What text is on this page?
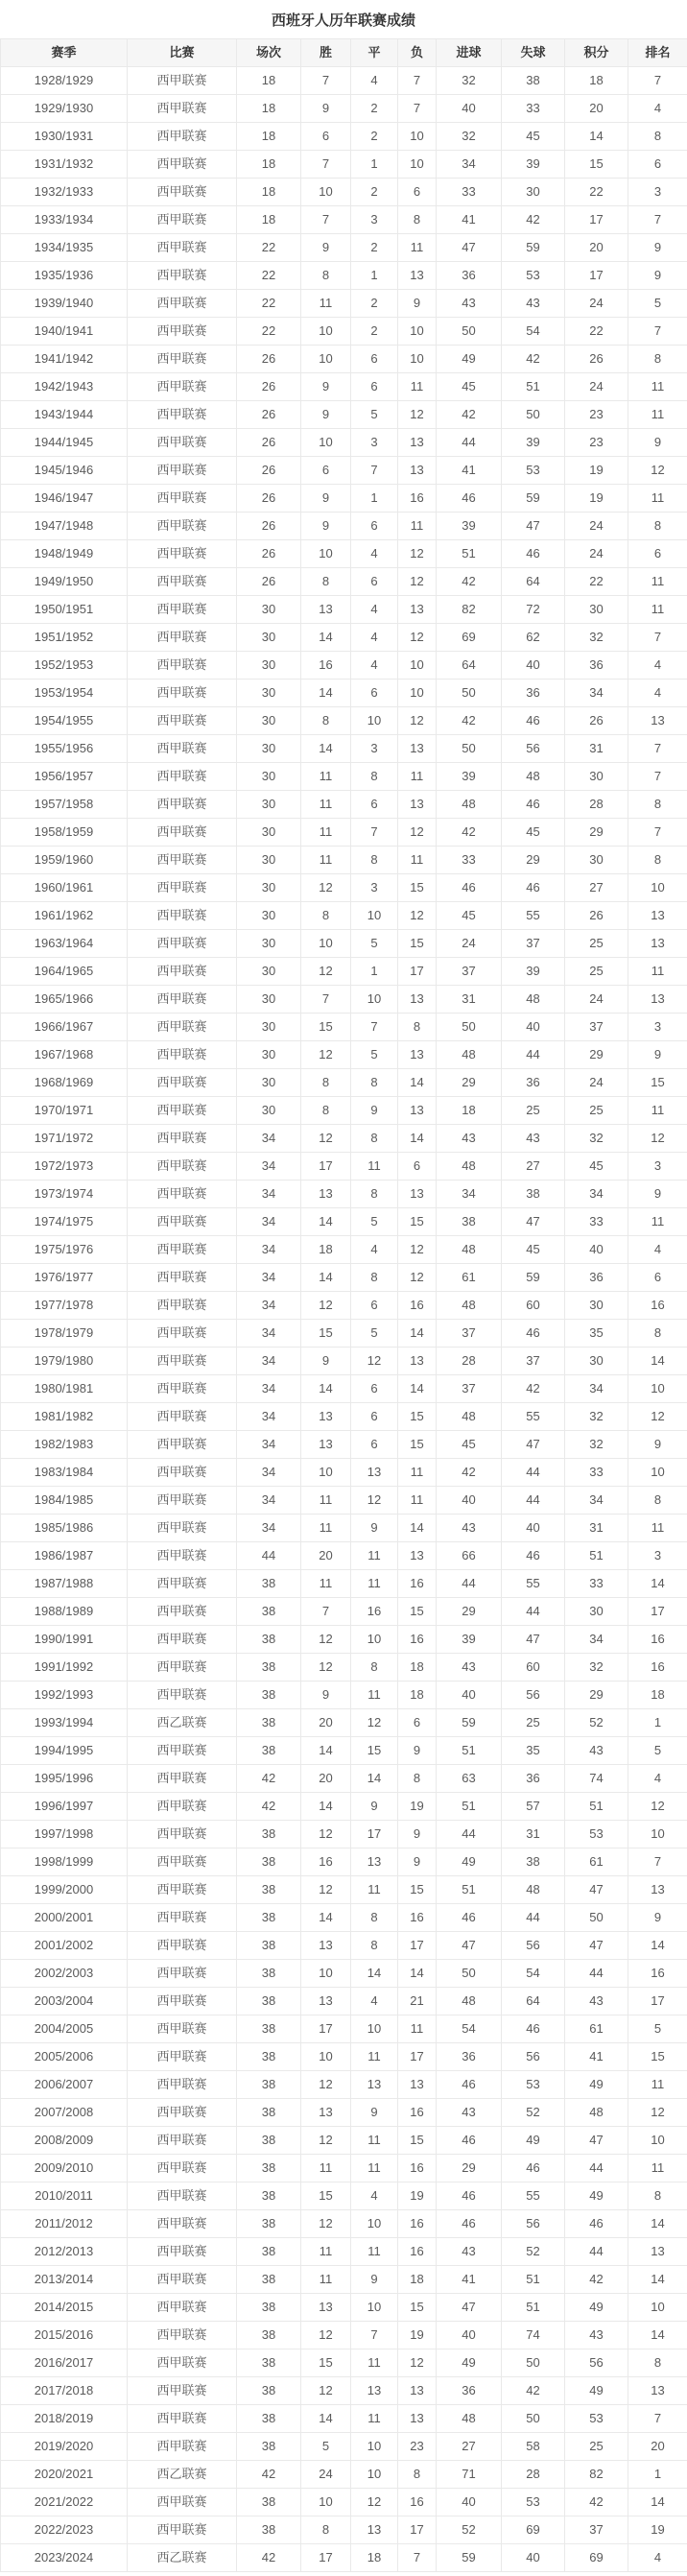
西班牙人历年联赛成绩
赛季	比赛	场次	胜	平	负	进球	失球	积分	排名
1928/1929	西甲联赛	18	7	4	7	32	38	18	7
1929/1930	西甲联赛	18	9	2	7	40	33	20	4
1930/1931	西甲联赛	18	6	2	10	32	45	14	8
1931/1932	西甲联赛	18	7	1	10	34	39	15	6
1932/1933	西甲联赛	18	10	2	6	33	30	22	3
1933/1934	西甲联赛	18	7	3	8	41	42	17	7
1934/1935	西甲联赛	22	9	2	11	47	59	20	9
1935/1936	西甲联赛	22	8	1	13	36	53	17	9
1939/1940	西甲联赛	22	11	2	9	43	43	24	5
1940/1941	西甲联赛	22	10	2	10	50	54	22	7
1941/1942	西甲联赛	26	10	6	10	49	42	26	8
1942/1943	西甲联赛	26	9	6	11	45	51	24	11
1943/1944	西甲联赛	26	9	5	12	42	50	23	11
1944/1945	西甲联赛	26	10	3	13	44	39	23	9
1945/1946	西甲联赛	26	6	7	13	41	53	19	12
1946/1947	西甲联赛	26	9	1	16	46	59	19	11
1947/1948	西甲联赛	26	9	6	11	39	47	24	8
1948/1949	西甲联赛	26	10	4	12	51	46	24	6
1949/1950	西甲联赛	26	8	6	12	42	64	22	11
1950/1951	西甲联赛	30	13	4	13	82	72	30	11
1951/1952	西甲联赛	30	14	4	12	69	62	32	7
1952/1953	西甲联赛	30	16	4	10	64	40	36	4
1953/1954	西甲联赛	30	14	6	10	50	36	34	4
1954/1955	西甲联赛	30	8	10	12	42	46	26	13
1955/1956	西甲联赛	30	14	3	13	50	56	31	7
1956/1957	西甲联赛	30	11	8	11	39	48	30	7
1957/1958	西甲联赛	30	11	6	13	48	46	28	8
1958/1959	西甲联赛	30	11	7	12	42	45	29	7
1959/1960	西甲联赛	30	11	8	11	33	29	30	8
1960/1961	西甲联赛	30	12	3	15	46	46	27	10
1961/1962	西甲联赛	30	8	10	12	45	55	26	13
1963/1964	西甲联赛	30	10	5	15	24	37	25	13
1964/1965	西甲联赛	30	12	1	17	37	39	25	11
1965/1966	西甲联赛	30	7	10	13	31	48	24	13
1966/1967	西甲联赛	30	15	7	8	50	40	37	3
1967/1968	西甲联赛	30	12	5	13	48	44	29	9
1968/1969	西甲联赛	30	8	8	14	29	36	24	15
1970/1971	西甲联赛	30	8	9	13	18	25	25	11
1971/1972	西甲联赛	34	12	8	14	43	43	32	12
1972/1973	西甲联赛	34	17	11	6	48	27	45	3
1973/1974	西甲联赛	34	13	8	13	34	38	34	9
1974/1975	西甲联赛	34	14	5	15	38	47	33	11
1975/1976	西甲联赛	34	18	4	12	48	45	40	4
1976/1977	西甲联赛	34	14	8	12	61	59	36	6
1977/1978	西甲联赛	34	12	6	16	48	60	30	16
1978/1979	西甲联赛	34	15	5	14	37	46	35	8
1979/1980	西甲联赛	34	9	12	13	28	37	30	14
1980/1981	西甲联赛	34	14	6	14	37	42	34	10
1981/1982	西甲联赛	34	13	6	15	48	55	32	12
1982/1983	西甲联赛	34	13	6	15	45	47	32	9
1983/1984	西甲联赛	34	10	13	11	42	44	33	10
1984/1985	西甲联赛	34	11	12	11	40	44	34	8
1985/1986	西甲联赛	34	11	9	14	43	40	31	11
1986/1987	西甲联赛	44	20	11	13	66	46	51	3
1987/1988	西甲联赛	38	11	11	16	44	55	33	14
1988/1989	西甲联赛	38	7	16	15	29	44	30	17
1990/1991	西甲联赛	38	12	10	16	39	47	34	16
1991/1992	西甲联赛	38	12	8	18	43	60	32	16
1992/1993	西甲联赛	38	9	11	18	40	56	29	18
1993/1994	西乙联赛	38	20	12	6	59	25	52	1
1994/1995	西甲联赛	38	14	15	9	51	35	43	5
1995/1996	西甲联赛	42	20	14	8	63	36	74	4
1996/1997	西甲联赛	42	14	9	19	51	57	51	12
1997/1998	西甲联赛	38	12	17	9	44	31	53	10
1998/1999	西甲联赛	38	16	13	9	49	38	61	7
1999/2000	西甲联赛	38	12	11	15	51	48	47	13
2000/2001	西甲联赛	38	14	8	16	46	44	50	9
2001/2002	西甲联赛	38	13	8	17	47	56	47	14
2002/2003	西甲联赛	38	10	14	14	50	54	44	16
2003/2004	西甲联赛	38	13	4	21	48	64	43	17
2004/2005	西甲联赛	38	17	10	11	54	46	61	5
2005/2006	西甲联赛	38	10	11	17	36	56	41	15
2006/2007	西甲联赛	38	12	13	13	46	53	49	11
2007/2008	西甲联赛	38	13	9	16	43	52	48	12
2008/2009	西甲联赛	38	12	11	15	46	49	47	10
2009/2010	西甲联赛	38	11	11	16	29	46	44	11
2010/2011	西甲联赛	38	15	4	19	46	55	49	8
2011/2012	西甲联赛	38	12	10	16	46	56	46	14
2012/2013	西甲联赛	38	11	11	16	43	52	44	13
2013/2014	西甲联赛	38	11	9	18	41	51	42	14
2014/2015	西甲联赛	38	13	10	15	47	51	49	10
2015/2016	西甲联赛	38	12	7	19	40	74	43	14
2016/2017	西甲联赛	38	15	11	12	49	50	56	8
2017/2018	西甲联赛	38	12	13	13	36	42	49	13
2018/2019	西甲联赛	38	14	11	13	48	50	53	7
2019/2020	西甲联赛	38	5	10	23	27	58	25	20
2020/2021	西乙联赛	42	24	10	8	71	28	82	1
2021/2022	西甲联赛	38	10	12	16	40	53	42	14
2022/2023	西甲联赛	38	8	13	17	52	69	37	19
2023/2024	西乙联赛	42	17	18	7	59	40	69	4
